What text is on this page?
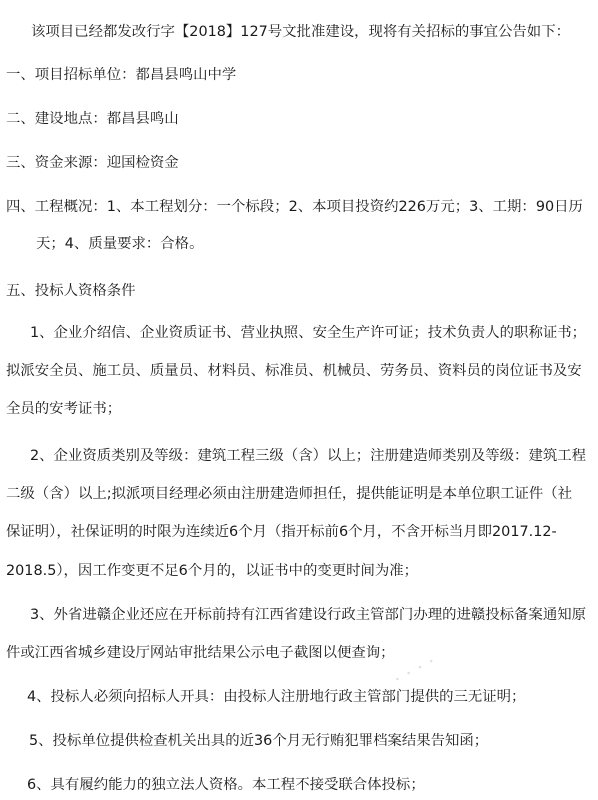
该项目已经都发改行字【2018】127号文批准建设，现将有关招标的事宜公告如下：
一、项目招标单位：都昌县鸣山中学
二、建设地点：都昌县鸣山
三、资金来源：迎国检资金
四、工程概况：1、本工程划分：一个标段；2、本项目投资约226万元；3、工期：90日历
天；4、质量要求：合格。
五、投标人资格条件
1、企业介绍信、企业资质证书、营业执照、安全生产许可证；技术负责人的职称证书；
拟派安全员、施工员、质量员、材料员、标准员、机械员、劳务员、资料员的岗位证书及安
全员的安考证书；
2、企业资质类别及等级：建筑工程三级（含）以上；注册建造师类别及等级：建筑工程
二级（含）以上;拟派项目经理必须由注册建造师担任，提供能证明是本单位职工证件（社
保证明），社保证明的时限为连续近6个月（指开标前6个月，不含开标当月即2017.12-
2018.5），因工作变更不足6个月的，以证书中的变更时间为准；
3、外省进赣企业还应在开标前持有江西省建设行政主管部门办理的进赣投标备案通知原
件或江西省城乡建设厅网站审批结果公示电子截图以便查询；
4、投标人必须向招标人开具：由投标人注册地行政主管部门提供的三无证明；
5、投标单位提供检查机关出具的近36个月无行贿犯罪档案结果告知函；
6、具有履约能力的独立法人资格。本工程不接受联合体投标；
· · · ·
